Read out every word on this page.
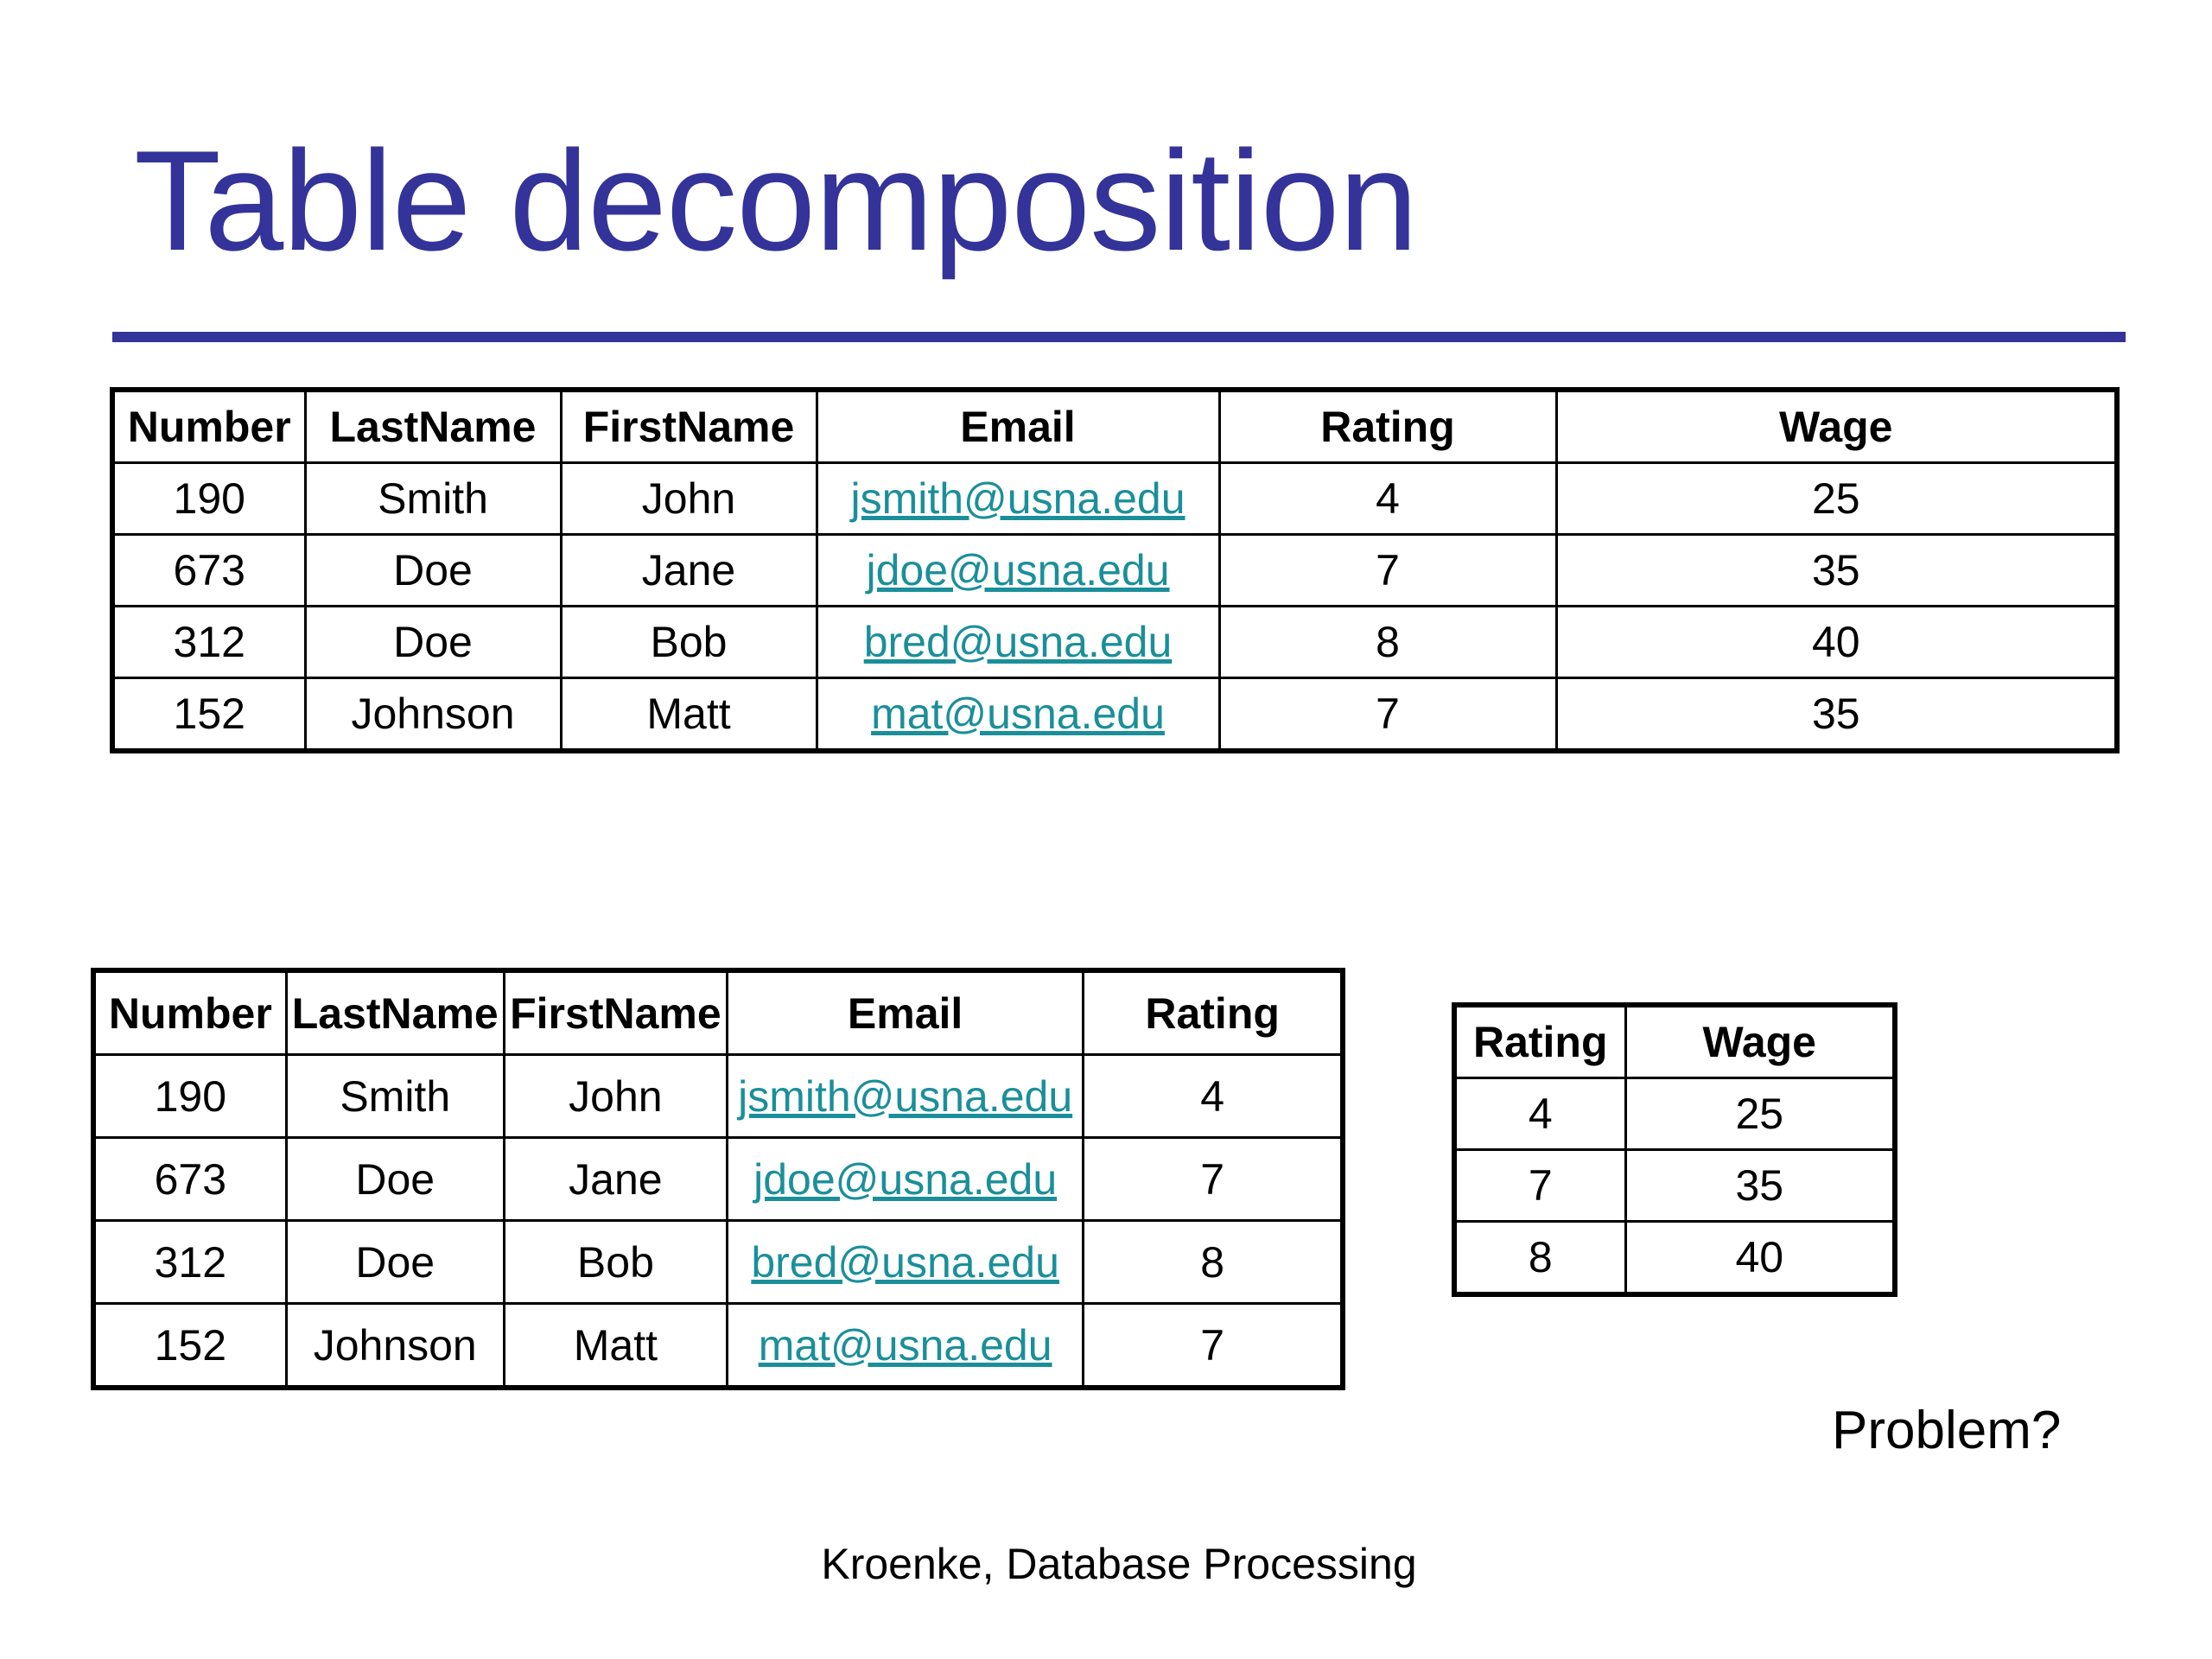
Table decomposition
Number	LastName	FirstName	Email	Rating	Wage
190	Smith	John	jsmith@usna.edu	4	25
673	Doe	Jane	jdoe@usna.edu	7	35
312	Doe	Bob	bred@usna.edu	8	40
152	Johnson	Matt	mat@usna.edu	7	35
Number	LastName	FirstName	Email	Rating
190	Smith	John	jsmith@usna.edu	4
673	Doe	Jane	jdoe@usna.edu	7
312	Doe	Bob	bred@usna.edu	8
152	Johnson	Matt	mat@usna.edu	7
Rating	Wage
4	25
7	35
8	40

Problem?

Kroenke, Database Processing
